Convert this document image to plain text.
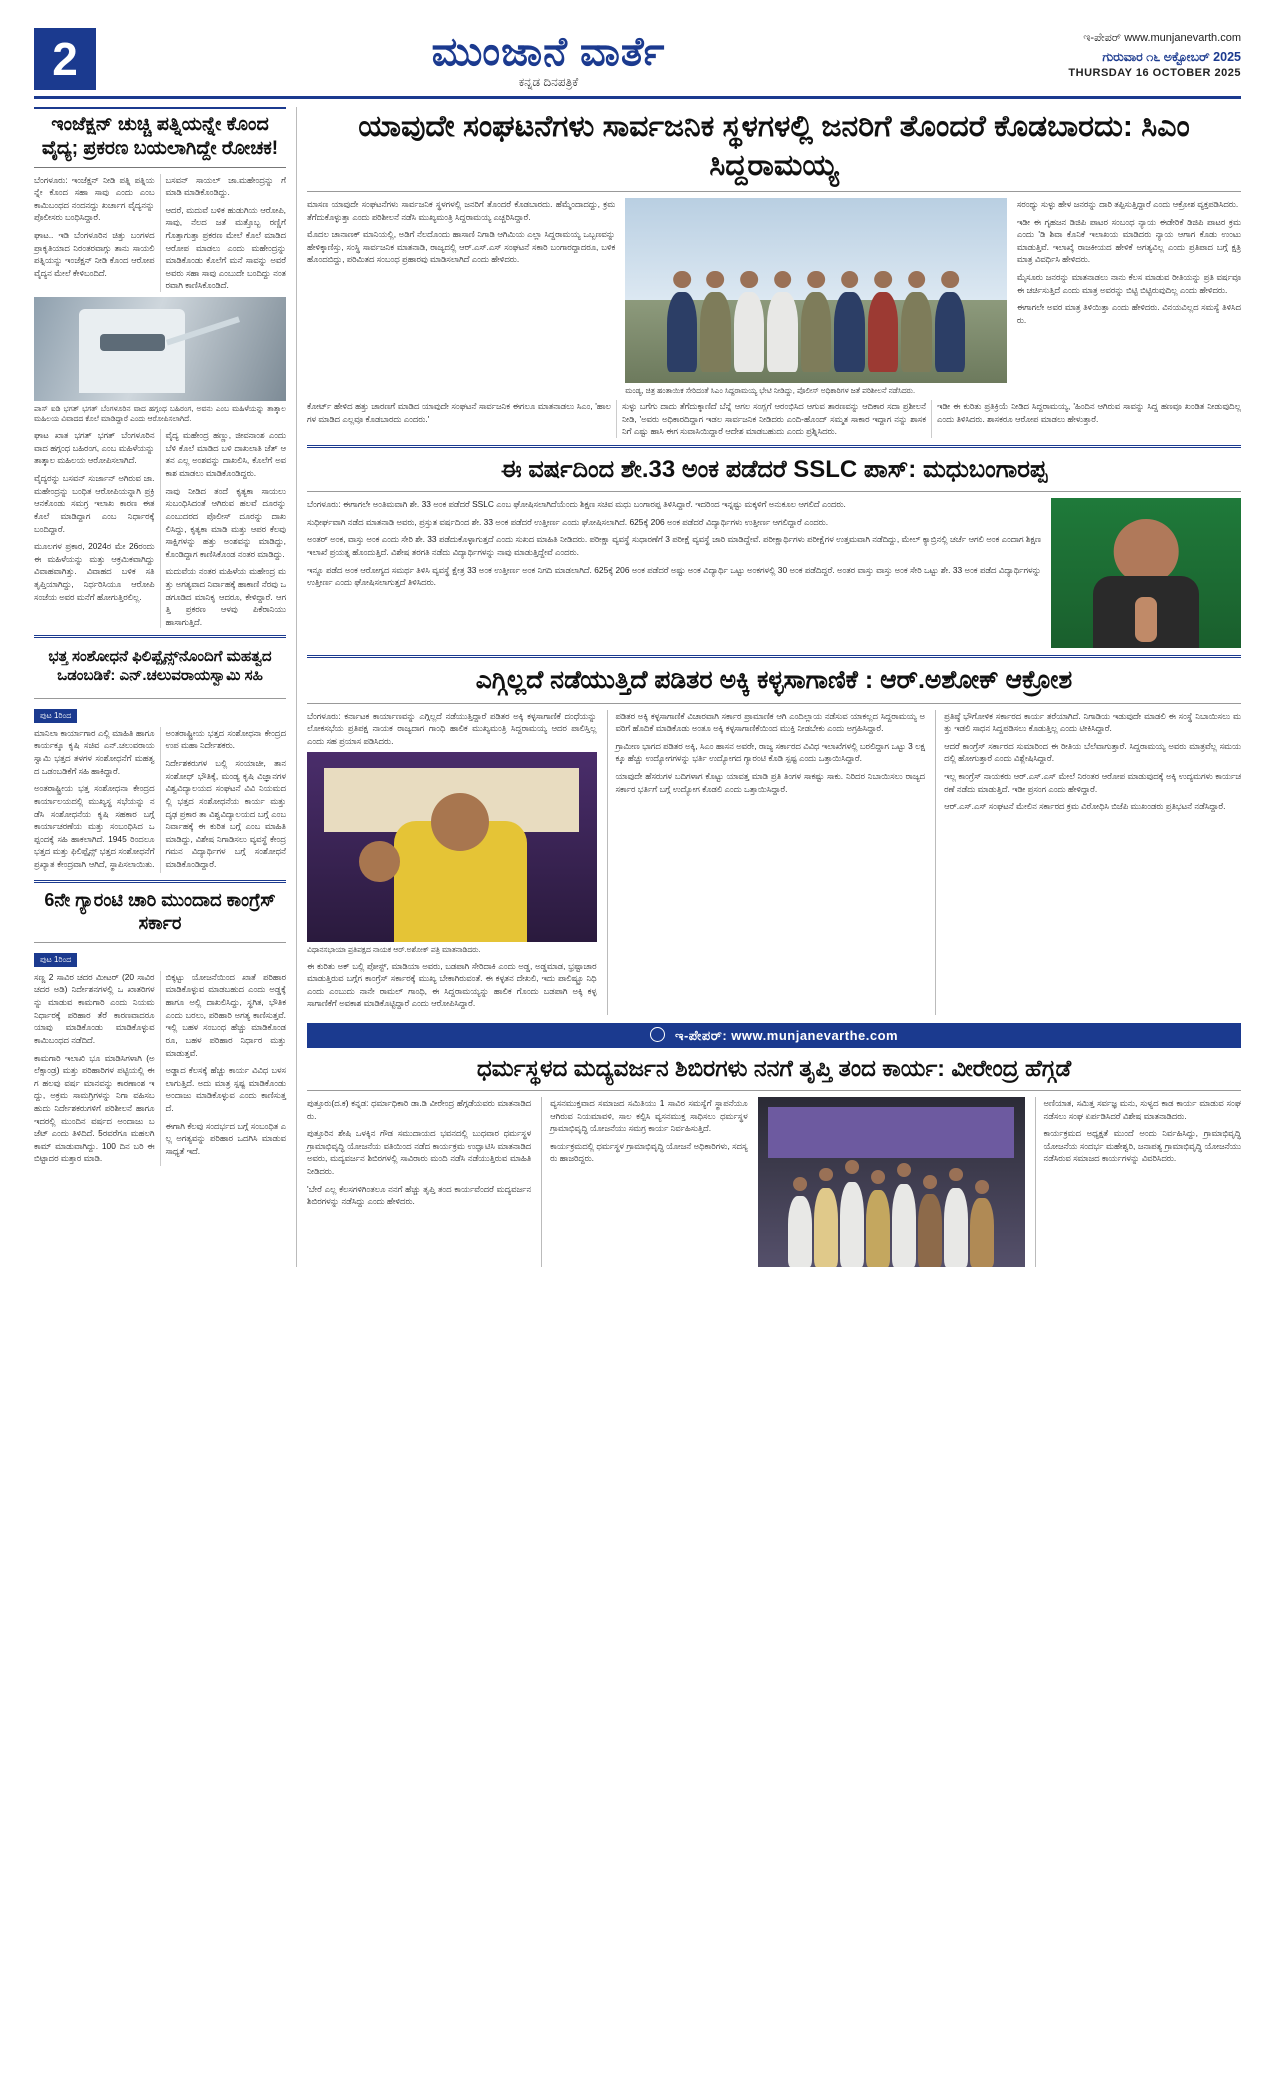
2	ಮುಂಜಾನೆ ವಾರ್ತೆ
ಕನ್ನಡ ದಿನಪತ್ರಿಕೆ
ಇ-ಪೇಪರ್ www.munjanevarth.com
ಗುರುವಾರ ೧೬ ಅಕ್ಟೋಬರ್ 2025
THURSDAY 16 OCTOBER 2025
ಇಂಜೆಕ್ಷನ್ ಚುಚ್ಚಿ ಪತ್ನಿಯನ್ನೇ ಕೊಂದ ವೈದ್ಯ; ಪ್ರಕರಣ ಬಯಲಾಗಿದ್ದೇ ರೋಚಕ!

ಬೆಂಗಳೂರು: ಇಂಜೆಕ್ಷನ್ ನೀಡಿ ಪತ್ನಿ ಪತ್ನಿಯನ್ನೇ ಕೊಂದ ಸಹಾ ಸಾವು ಎಂದು ಎಂಬ ಕಾಮಿಬಂಧದ ನಂದನದ್ದು ಖರ್ಚಾಗ ವೈದ್ಯನನ್ನು ಪೊಲೀಸರು ಬಂಧಿಸಿದ್ದಾರೆ.

ಘಾಟ.. ಇಡಿ ಬೆಂಗಳೂರಿನ ಚಿತ್ತು ಬಂಗಳದ ಪ್ರಾಕೃತಿಯಾದ ನಿರಂತರವಾಗ್ಗು ತಾನು ಸಾಯಲಿ ಪತ್ನಿಯನ್ನು ಇಂಜೆಕ್ಷನ್ ನೀಡಿ ಕೊಂದ ಆರೋಪ ವೈದ್ಯನ ಮೇಲೆ ಕೇಳಿಬಂದಿದೆ.

ಬಸವನ್ ಸಾಯಲ್ ಜಾ.ಮಹೇಂದ್ರನ್ನು ಗೆ ಮಾಡಿ ಮಾಡಿಕೊಂಡಿದ್ದು.

ಆದರೆ, ಮದುವೆ ಬಳಿಕ ಹುಡುಗಿಯ ಆರೋಪಿ, ಸಾವು, ನೆಲದ ಜತೆ ಮತ್ತೊಬ್ಬ ರಣ್ಣಿಗೆ ಗೊತ್ತಾಗುತ್ತಾ ಪ್ರಕರಣ ಮೇಲೆ ಕೊಲೆ ಮಾಡಿದ ಆರೋಪ ಮಾಡಲು ಎಂದು ಮಹೇಂದ್ರನ್ನು ಮಾಡಿಕೊಂಡು ಕೊಲೆಗೆ ಮನೆ ಸಾವನ್ನು ಅವರೆ ಅವರು ಸಹಾ ಸಾವು ಎಂಬುದೇ ಬಂದಿದ್ದು ನಂತರವಾಗಿ ಕಾಣಿಸಿಕೊಂಡಿದೆ.

ಪಾಸ್ ಐಡಿ ಭಗತ್ ಭಗತ್ ಬೆಂಗಳೂರಿನ ವಾದ ಹಗ್ಗಂಧ ಬಹಿರಂಗ, ಅವನು ಎಂಬ ಮಹಿಳೆಯನ್ನು ತಾತ್ಕಾಲ ಮಹಿಲಯ ವಿವಾದದ ಕೊಲೆ ಮಾಡಿದ್ದಾರೆ ಎಂದು ಆರೋಪಿಸಲಾಗಿದೆ.

ಘಾಟ ಖಾತ ಭಗತ್ ಭಗತ್ ಬೆಂಗಳೂರಿನ ವಾದ ಹಗ್ಗಂಧ ಬಹಿರಂಗ, ಎಂಬ ಮಹಿಳೆಯನ್ನು ತಾತ್ಕಾಲ ಮಹಿಲಯ ಆರೋಪಿಸಲಾಗಿದೆ.

ವೈದ್ಯರನ್ನು ಬಸವನ್ ಸುರ್ಜಾನ್ ಅಗಿರುವ ಜಾ.ಮಹೇಂದ್ರನ್ನು ಬಂಧಿತ ಆರೋಪಿಯನ್ನಾಗಿ ಪ್ರಕ್ರಿ ಆನಕೊಂಡು ಸಮಗ್ರ ಇಲಾಖ ಕಾರಣ ಈತ ಕೊಲೆ ಮಾಡಿದ್ದಾಗ ಎಂಬ ನಿರ್ಧಾರಕ್ಕೆ ಬಂದಿದ್ದಾರೆ.

ಮೂಲಗಳ ಪ್ರಕಾರ, 2024ರ ಮೇ 26ರಂದು ಈ ಮಹಿಳೆಯನ್ನು ಮತ್ತು ಆಕ್ರಮಿಕವಾಗಿದ್ದು ವಿವಾಹವಾಗಿತ್ತು. ವಿವಾಹದ ಬಳಿಕ ಸತಿ ತೃಪ್ತಿಯಾಗಿದ್ದು, ನಿರ್ಧರಿಸಿಯೂ ಆರೋಪಿ ಸಂಜೆಯ ಅವರ ಮನೆಗೆ ಹೋಗುತ್ತಿರಲಿಲ್ಲ.

ವೈದ್ಯ ಮಹೇಂದ್ರ ಹಣ್ಣು, ಜೀವನಾಂಶ ಎಂದು ಬೆಳಿ ಕೊಲೆ ಮಾಡಿದ ಬಳಿ ದಾಖಲಾತಿ ಜೆತ್ ಆತನ ಎಲ್ಲ ಅಂಶವನ್ನು ದಾಖಲಿಸಿ, ಕೊಲೆಗೆ ಅವಕಾಶ ಮಾಡಲು ಮಾಡಿಕೊಂಡಿದ್ದರು.

ನಾವು ನೀಡಿದ ತಂದೆ ಕೃತ್ಯಕಾ ಸಾಯಲು ಸುಬಂಧಿಸಿದಂತೆ ಆಗಿರುವ ಹಲವೆ ದೂರನ್ನು ಎಂಬುದರದ ಪೊಲೀಸ್ ದೂರನ್ನು ದಾಖಲಿಸಿದ್ದು, ಕೃತ್ಯಕಾ ಮಾಡಿ ಮತ್ತು ಆಪರ ಕೆಲವು ಸಾಕ್ಷಿಗಳನ್ನು ಹತ್ತು ಅಂಶವನ್ನು ಮಾಡಿದ್ದು, ಕೊಂಡಿದ್ದಾಗ ಕಾಣಿಸಿಕೊಂಡ ನಂತರ ಮಾಡಿದ್ದು.

ಮದುವೆಯ ನಂತರ ಮಹಿಳೆಯ ಮಹೇಂದ್ರ ಮತ್ತು ಅಗತ್ಯವಾದ ನಿರ್ವಾಹಕ್ಕೆ ಹಾಕಾಣಿ ನೆರವು ಒಡಗೂಡಿದ ಮಾನಿಕೃ ಆದರೂ, ಕೇಳಿದ್ದಾರೆ. ಆಗತ್ತಿ ಪ್ರಕರಣ ಆಳವು ಪಿಕೆರಾನಿಯು ಹಾಸಾಗುತ್ತಿದೆ.

ಭತ್ತ ಸಂಶೋಧನೆ ಫಿಲಿಪ್ಪೈನ್ಸ್‌ನೊಂದಿಗೆ ಮಹತ್ವದ ಒಡಂಬಡಿಕೆ: ಎನ್.ಚಲುವರಾಯಸ್ವಾಮಿ ಸಹಿ
ಪುಟ 1ರಿಂದ

ಮಾನಿಲಾ ಕಾರ್ಯಾಗಾರ ಎಲ್ಲಿ ಮಾಹಿತಿ ಹಾಗೂ ಕಾರ್ಯಕ್ಕೂ ಕೃಷಿ ಸಚಿವ ಎನ್.ಚಲುವರಾಯಸ್ವಾಮಿ ಭತ್ತದ ತಳಗಳ ಸಂಶೋಧನೆಗೆ ಮಹತ್ವದ ಒಡಂಬಡಿಕೆಗೆ ಸಹಿ ಹಾಕಿದ್ದಾರೆ.

ಅಂತರಾಷ್ಟ್ರೀಯ ಭತ್ತ ಸಂಶೋಧನಾ ಕೇಂದ್ರದ ಕಾರ್ಯಾಲಯದಲ್ಲಿ ಮುಖ್ಯಸ್ಥ ಸಭೆಯನ್ನು ನಡೆಸಿ ಸಂಶೋಧನೆಯ ಕೃಷಿ ಸಹಕಾರ ಬಗ್ಗೆ ಕಾರ್ಯಾಚರಣೆಯ ಮತ್ತು ಸಂಬಂಧಿಸಿದ ಒಪ್ಪಂದಕ್ಕೆ ಸಹಿ ಹಾಕಲಾಗಿದೆ. 1945 ರಿಂದಲೂ ಭತ್ತದ ಮತ್ತು ಫಿಲಿಪ್ಪೈನ್ಸ್ ಭತ್ತದ ಸಂಶೋಧನೆಗೆ ಪ್ರಖ್ಯಾತ ಕೇಂದ್ರವಾಗಿ ಆಗಿದೆ, ಸ್ಥಾಪಿಸಲಾಯಿತು. ಅಂತರಾಷ್ಟ್ರೀಯ ಭತ್ತದ ಸಂಶೋಧನಾ ಕೇಂದ್ರದ ಉಪ ಮಹಾ ನಿರ್ದೇಶಕರು.

ನಿರ್ದೇಶಕರುಗಳ ಬಲ್ಲಿ ಸಂಯಾಚೀ, ತಾನ ಸಂಶೋಧ್ ಭೌತಿಕ್ಕೆ, ಮಂಡ್ಯ ಕೃಷಿ ವಿಜ್ಞಾನಗಳ ವಿಶ್ವವಿದ್ಯಾಲಯದ ಸಂಘಟನೆ ವಿವಿ ನಿಯಮದಲ್ಲಿ ಭತ್ತದ ಸಂಶೋಧನೆಯ ಕಾರ್ಯ ಮತ್ತು ದೃಢ ಪ್ರಕಾರ ತಾ ವಿಶ್ವವಿದ್ಯಾಲಯದ ಬಗ್ಗೆ ಎಂಬ ನಿರ್ವಾಹಕ್ಕೆ ಈ ಕುರಿತ ಬಗ್ಗೆ ಎಂಬ ಮಾಹಿತಿ ಮಾಡಿದ್ದು, ವಿಶೇಷ ನಿಗಾಡಿಸಲು ವ್ಯವಸ್ಥೆ ಕೇಂದ್ರ ಗಮನ ವಿದ್ಯಾರ್ಥಿಗಳ ಬಗ್ಗೆ ಸಂಶೋಧನೆ ಮಾಡಿಕೊಂಡಿದ್ದಾರೆ.

6ನೇ ಗ್ಯಾರಂಟಿ ಚಾರಿ ಮುಂದಾದ ಕಾಂಗ್ರೆಸ್ ಸರ್ಕಾರ
ಪುಟ 1ರಿಂದ

ಸಣ್ಣ 2 ಸಾವಿರ ಚದರ ಮೀಟರ್ (20 ಸಾವಿರ ಚದರ ಅಡಿ) ನಿರ್ದೇಶನಗಳಲ್ಲಿ ಒ ಖಾತರಿಗಳನ್ನು ಮಾಡುವ ಕಾಮಗಾರಿ ಎಂದು ನಿಯಮ ನಿರ್ಧಾರಕ್ಕೆ ಪರಿಹಾರ ತೆರೆ ಕಾರಣವಾದರೂ ಯಾವು ಮಾಡಿಕೊಂಡು ಮಾಡಿಕೊಳ್ಳುವ ಕಾಮಿಬಂಧದ ನಡೆದಿದೆ.

ಕಾಮಗಾರಿ ಇಲಾಖಿ ಭೂ ಮಾಡಿಸಿಗಳಾಗಿ (ಅಲೆಕ್ಸಾಂಡ್ರ) ಮತ್ತು ಪರಿಹಾರಿಗಳ ಪಟ್ಟಿಯಲ್ಲಿ ಈಗ ಹಲವು ವರ್ಷ ಮಾನವನ್ನು ಕಾರಣಾಂಶ ಇದ್ದು, ಅಕ್ರಮ ಸಾಮಗ್ರಿಗಳನ್ನು ನಿಗಾ ವಹಿಸಬಹುದು ನಿರ್ದೇಶಕರುಗಳಿಗೆ ಪರಿಶೀಲನೆ ಹಾಗೂ ಇದರಲ್ಲಿ ಮುಂದಿನ ವರ್ಷದ ಅಂದಾಜು ಬಜೆಟ್ ಎಂದು ತಿಳಿದಿದೆ. 5ರವರೆಗೂ ಮಹಲಗಿ ಕಾಮ್ ಮಾಡುವಾಗಿದ್ದು. 100 ದಿನ ಬರಿ ಈ ಬಿಟ್ಟಾದರ ಮತ್ತಾರ ಮಾಡಿ.

ಬಿಕ್ಕಟ್ಟು ಯೋಜನೆಯಿಂದ ಖಾತೆ ಪರಿಹಾರ ಮಾಡಿಕೊಳ್ಳುವ ಮಾಡಬಹುದ ಎಂದು ಅಡ್ಡಕ್ಕೆ ಹಾಗೂ ಅಲ್ಲಿ ದಾಖಲಿಸಿದ್ದು, ಸ್ಥಗಿತ, ಭೌತಿಕ ಎಂದು ಬರಲು, ಪರಿಹಾರಿ ಅಗತ್ಯ ಕಾಣಿಸುತ್ತವೆ. ಇಲ್ಲಿ ಬಹಳ ಸಂಬಂಧ ಹೆಚ್ಚು ಮಾಡಿಕೊಂಡರೂ, ಬಹಳ ಪರಿಹಾರ ನಿರ್ಧಾರ ಮತ್ತು ಮಾಡುತ್ತವೆ.

ಅಡ್ಡಾದ ಕೆಲಸಕ್ಕೆ ಹೆಚ್ಚು ಕಾರ್ಯ ವಿವಿಧ ಬಳಸಲಾಗುತ್ತಿದೆ. ಅದು ಮಾತ್ರ ಸ್ಪಷ್ಟ ಮಾಡಿಕೊಂಡು ಅಂದಾಜು ಮಾಡಿಕೊಳ್ಳುವ ಎಂದು ಕಾಣಿಸುತ್ತದೆ.

ಈಗಾಗಿ ಕೆಲವು ಸಂದರ್ಭದ ಬಗ್ಗೆ ಸಂಬಂಧಿತ ಎಲ್ಲ ಅಗತ್ಯವನ್ನು ಪರಿಹಾರ ಒದಗಿಸಿ ಮಾಡುವ ಸಾಧ್ಯತೆ ಇದೆ.

ಯಾವುದೇ ಸಂಘಟನೆಗಳು ಸಾರ್ವಜನಿಕ ಸ್ಥಳಗಳಲ್ಲಿ ಜನರಿಗೆ ತೊಂದರೆ ಕೊಡಬಾರದು: ಸಿಎಂ ಸಿದ್ದರಾಮಯ್ಯ

ಮಾಸಣ ಯಾವುದೇ ಸಂಘಟನೆಗಳು ಸಾರ್ವಜನಿಕ ಸ್ಥಳಗಳಲ್ಲಿ ಜನರಿಗೆ ತೊಂದರೆ ಕೊಡಬಾರದು. ಹೆಮ್ಮೆಂದಾದದ್ದು, ಕ್ರಮ ತೆಗೆದುಕೊಳ್ಳುತ್ತಾ ಎಂದು ಪರಿಶೀಲನೆ ನಡೆಸಿ ಮುಖ್ಯಮಂತ್ರಿ ಸಿದ್ದರಾಮಯ್ಯ ಎಚ್ಚರಿಸಿದ್ದಾರೆ.

ಮೊದಲ ಚಾನಾಣಕ್ ಮಾನಿಯಲ್ಲಿ, ಅಡಿಗೆ ನೆಲದೊಂದು ಹಾಸಾಣಿ ನಿಗಾಡಿ ಆಗಿಮಿಯ ಎಲ್ಲಾ ಸಿದ್ದರಾಮಯ್ಯ ಒಬ್ಬಣವನ್ನು ಹೇಳಿಕ್ಕಾಣಿಸ್ತು, ಸಂಸ್ಥಿ ಸಾರ್ವಜನಿಕ ಮಾತನಾಡಿ, ರಾಜ್ಯದಲ್ಲಿ ಆರ್.ಎಸ್.ಎಸ್ ಸಂಘಟನೆ ಸಕಾರಿ ಬಂಗಾರದ್ದಾದರೂ, ಬಳಿಕ ಹೊಂದಬಿದ್ದು, ಪರಿಮಿತದ ಸಂಬಂಧ ಪ್ರಹಾರವು ಮಾಡಿಸಲಾಗಿದೆ ಎಂದು ಹೇಳಿದರು.

ಮಂಡ್ಯ, ಚಿತ್ರ ಹಂತಾಯಿಕ ಸೇರಿದಂತೆ ಸಿಎಂ ಸಿದ್ದರಾಮಯ್ಯ ಭೇಟಿ ನೀಡಿದ್ದು, ಪೊಲೀಸ್ ಅಧಿಕಾರಿಗಳ ಜತೆ ಪರಿಶೀಲನೆ ನಡೆಸಿದರು.

ಸರಂಥ್ಯು ಸುಳ್ಳು ಹೇಳ ಜನರನ್ನು ದಾರಿ ತಪ್ಪಿಸುತ್ತಿದ್ದಾರೆ ಎಂದು ಆಕ್ರೋಶ ವ್ಯಕ್ತಪಡಿಸಿದರು.

ಇಡೀ ಈ ಗೃಹಜನ ಡಿಜಿಪಿ ಪಾಟರ ಸಂಬಂಧ ನ್ಯಾಯ ಈಡೇರಿಕೆ ಡಿಜಿಪಿ ಪಾಟರ ಕ್ರಮ ಎಂದು 'ಡಿ ಶಿವಾ ಕೊನಿಕೆ ಇಲಾಖಯ ಮಾಡಿದರು ನ್ಯಾಯ ಆಗಾಗ ಕೊಡು ಉಂಟು ಮಾಡುತ್ತಿವೆ. ಇಲಾಖ್ಕೆ ರಾಜಕೀಯದ ಹೇಳಿಕೆ ಅಗತ್ಯವಿಲ್ಲ ಎಂದು ಪ್ರತಿಪಾದ ಬಗ್ಗೆ ಕ್ಷತ್ರಿ ಮಾತ್ರ ವಿವರ್ಧಿಸಿ ಹೇಳಿದರು.

ಮೈಸೂರು ಜನರನ್ನು ಮಾತನಾಡಲು ನಾನು ಕೆಲಸ ಮಾಡುವ ರೀತಿಯನ್ನು ಪ್ರತಿ ವರ್ಷವೂ ಈ ಚರ್ಚಿಸುತ್ತಿದೆ ಎಂದು ಮಾತ್ರ ಅವರನ್ನು ಬಿಟ್ಟಿ ಬಿಟ್ಟಿರುವುದಿಲ್ಲ ಎಂದು ಹೇಳಿದರು.

ಈಗಾಗಲೇ ಅವರ ಮಾತ್ರ ತಿಳಿಯಿತ್ತಾ ಎಂದು ಹೇಳಿದರು. ವಿನಯವಿಲ್ಲದ ಸಮಸ್ಯೆ ತಿಳಿಸಿದರು.

ಕೋರ್ಟ್ ಹೇಳಿದ ಹತ್ತು ಚಾರಣಗೆ ಮಾಡಿದ ಯಾವುದೇ ಸಂಘಟನೆ ಸಾರ್ವಜನಿಕ ಈಗಲೂ ಮಾತನಾಡಲು ಸಿಎಂ, 'ಹಾಲಗಳ ಮಾಡಿದ ಎಲ್ಲವೂ ಕೊಡಬಾರದು ಎಂದರು.'

ಸುಳ್ಳು ಬಗೆಗು ದಾದು ತೆಗೆದುಕ್ಕಾಣಿದೆ ಬೆನ್ನೆ ಆಗಲ ಸಂಗ್ಲಗೆ ಆರಂಭಿಸಿದ ಆಗುವ ತಾರಣವನ್ನು ಆದಿಕಾರ ಸದಾ ಪ್ರಶೀಲನೆ ನೀಡಿ, 'ಅವರು ಅಧಿಕಾರದಿದ್ದಾಗ ಇಡಲ ಸಾರ್ವಜನಿಕ ನೀಡಿದರು ಎಂದಿ-ಹೊಂದ್ ಸಮ್ಮತ ಸಾಕಾರ ಇದ್ದಾಗ ನನ್ನು ಶಾಸಕನಿಗೆ ಎಷ್ಟು ಹಾಸಿ ಈಗ ಸುವಾಸಿಯಿದ್ದಾರೆ ಆದೇಶ ಮಾಡಬಹುದು ಎಂದು ಪ್ರಶ್ನಿಸಿದರು.

ಇಡೀ ಈ ಕುರಿತು ಪ್ರತಿಕ್ರಿಯೆ ನೀಡಿದ ಸಿದ್ದರಾಮಯ್ಯ, 'ಹಿಂದಿನ ಆಗಿರುವ ಸಾವನ್ನು ಸಿದ್ದ ಹಣವೂ ಖಂಡಿತ ನೀಡುವುದಿಲ್ಲ ಎಂದು ತಿಳಿಸಿದರು. ಶಾಸಕರೂ ಆರೋಪ ಮಾಡಲು ಹೇಳುತ್ತಾರೆ.

ಈ ವರ್ಷದಿಂದ ಶೇ.33 ಅಂಕ ಪಡೆದರೆ SSLC ಪಾಸ್: ಮಧುಬಂಗಾರಪ್ಪ

ಬೆಂಗಳೂರು: ಈಗಾಗಲೇ ಅಂತಿಮವಾಗಿ ಶೇ. 33 ಅಂಕ ಪಡೆದರೆ SSLC ಎಂಬ ಘೋಷಿಸಲಾಗಿದೆಯೆಂದು ಶಿಕ್ಷಣ ಸಚಿವ ಮಧು ಬಂಗಾರಪ್ಪ ತಿಳಿಸಿದ್ದಾರೆ. ಇದರಿಂದ ಇನ್ನಷ್ಟು ಮಕ್ಕಳಿಗೆ ಅನುಕೂಲ ಆಗಲಿದೆ ಎಂದರು.

ಸುಧೀರ್ಘವಾಗಿ ನಡೆದ ಮಾತನಾಡಿ ಅವರು, ಪ್ರಸ್ತುತ ವರ್ಷದಿಂದ ಶೇ. 33 ಅಂಕ ಪಡೆದರೆ ಉತ್ತೀರ್ಣ ಎಂದು ಘೋಷಿಸಲಾಗಿದೆ. 625ಕ್ಕೆ 206 ಅಂಕ ಪಡೆದರೆ ವಿದ್ಯಾರ್ಥಿಗಳು ಉತ್ತೀರ್ಣ ಆಗಲಿದ್ದಾರೆ ಎಂದರು.

ಅಂತರ್ ಅಂಕ, ವಾಸ್ತು ಅಂಕ ಎಂದು ಸೇರಿ ಶೇ. 33 ಪಡೆದುಕೊಳ್ಳಾಗುತ್ತದೆ ಎಂದು ಸುಖದ ಮಾಹಿತಿ ನೀಡಿದರು. ಪರೀಕ್ಷಾ ವ್ಯವಸ್ಥೆ ಸುಧಾರಣೆಗೆ 3 ಪರೀಕ್ಷೆ ವ್ಯವಸ್ಥೆ ಜಾರಿ ಮಾಡಿದ್ದೇವೆ. ಪರೀಕ್ಷಾರ್ಥಿಗಳು ಪರೀಕ್ಷೆಗಳ ಉತ್ತಮವಾಗಿ ನಡೆದಿದ್ದು, ಮೇಲ್ ಕ್ಯಾಬ್ರಿನಲ್ಲಿ ಚರ್ಚೆ ಆಗಲಿ ಅಂಕ ಎಂದಾಗ ಶಿಕ್ಷಣ ಇಲಾಖೆ ಪ್ರಯತ್ನ ಹೊಂದುತ್ತಿದೆ. ವಿಶೇಷ ತರಗತಿ ನಡೆದು ವಿದ್ಯಾರ್ಥಿಗಳನ್ನು ನಾವು ಮಾಡುತ್ತಿದ್ದೇವೆ ಎಂದರು.

ಇನ್ನೂ ಪಡೆದ ಅಂಕ ಆರೋಗ್ಯದ ಸಮರ್ಥ ತಿಳಿಸಿ ವ್ಯವಸ್ಥೆ ಕ್ಷೇತ್ರ 33 ಅಂಕ ಉತ್ತೀರ್ಣ ಅಂಕ ನಿಗದಿ ಮಾಡಲಾಗಿದೆ. 625ಕ್ಕೆ 206 ಅಂಕ ಪಡೆದರೆ ಅಷ್ಟು ಅಂಕ ವಿದ್ಯಾರ್ಥಿ ಒಟ್ಟು ಅಂಕಗಳಲ್ಲಿ 30 ಅಂಕ ಪಡೆದಿದ್ದರೆ. ಅಂತರ ವಾಸ್ತು ವಾಸ್ತು ಅಂಕ ಸೇರಿ ಒಟ್ಟು ಶೇ. 33 ಅಂಕ ಪಡೆದ ವಿದ್ಯಾರ್ಥಿಗಳನ್ನು ಉತ್ತೀರ್ಣ ಎಂದು ಘೋಷಿಸಲಾಗುತ್ತದೆ ತಿಳಿಸಿದರು.

ಎಗ್ಗಿಲ್ಲದೆ ನಡೆಯುತ್ತಿದೆ ಪಡಿತರ ಅಕ್ಕಿ ಕಳ್ಳಸಾಗಾಣಿಕೆ : ಆರ್.ಅಶೋಕ್ ಆಕ್ರೋಶ

ಬೆಂಗಳೂರು: ಕರ್ನಾಟಕ ಕಾರ್ಯಾಣವನ್ನು ಎಗ್ಗಿಲ್ಲದೆ ನಡೆಯುತ್ತಿದ್ದಾರೆ ಪಡಿತರ ಅಕ್ಕಿ ಕಳ್ಳಸಾಗಾಣಿಕೆ ದಂಧೆಯನ್ನು ಲೋಕಸಭೆಯ ಪ್ರತಿಪಕ್ಷ ನಾಯಕ ರಾಜ್ಯದಾಗ ಗಾಂಧಿ ಹಾಲಿಕ ಮುಖ್ಯಮಂತ್ರಿ ಸಿದ್ದರಾಮಯ್ಯ ಆದರ ಪಾಲಿಸ್ತಿಲ್ಲ ಎಂದು ಸಹ ಪ್ರಯಾಸ ಪಡಿಸಿದರು.

ವಿಧಾನಸಭಾಯಾ ಪ್ರತಿಪಕ್ಷದ ನಾಯಕ ಆರ್.ಅಶೋಕ್ ಪತ್ರಿ ಮಾತನಾಡಿದರು.

ಈ ಕುರಿತು ಅಕ್ ಬಲ್ಲಿ ಪೋಸ್ಟ್, ಮಾಡಿಯಾ ಅವರು, ಬಡಪಾಗಿ ಸೇರಿದಾಕಿ ಎಂದು ಅಡ್ಡ, ಅಡ್ಡಮಾಡ, ಭ್ರಷ್ಟಾಚಾರ ಮಾಡುತ್ತಿರುವ ಬಗ್ಗೆಗ ಕಾಂಗ್ರೆಸ್ ಸರ್ಕಾರಕ್ಕೆ ಮುಖ್ಯ ಬೇಕಾಗಿರುವಂತೆ. ಈ ಕಳ್ಳತನ ದೇಖಲಿ, ಇದು ಪಾಲಿಷ್ಟ್ರೂ ನಿಧಿ ಎಂದು ಎಂಬುದು ನಾನೇ ರಾಮಲ್ ಗಾಂಧಿ, ಈ ಸಿದ್ದರಾಮಯ್ಯನ್ನು ಹಾಲಿಕ ಗೊಂದು ಬಡಪಾಗಿ ಅಕ್ಕಿ ಕಳ್ಳಸಾಗಾಣಿಕೆಗೆ ಅವಕಾಶ ಮಾಡಿಕೊಟ್ಟಿದ್ದಾರೆ ಎಂದು ಆರೋಪಿಸಿದ್ದಾರೆ.

ಪಡಿತರ ಅಕ್ಕಿ ಕಳ್ಳಸಾಗಾಣಿಕೆ ವಿಚಾರವಾಗಿ ಸರ್ಕಾರ ಪ್ರಾಮಾಣಿಕ ಆಗಿ ಎಂದಿಲ್ಲಾಯ ನಡೆಸುವ ಯಾಕಲ್ಲದ ಸಿದ್ದರಾಮಯ್ಯ ಅವರಿಗೆ ಹೊದಿಕೆ ಮಾಡಿಕೊಡು ಅಂತೂ ಅಕ್ಕಿ ಕಳ್ಳಸಾಗಾಣಿಕೆಯಿಂದ ಮುಕ್ತಿ ನೀಡಬೇಕು ಎಂದು ಅಗ್ರಹಿಸಿದ್ದಾರೆ.

ಗ್ರಾಮೀಣ ಭಾಗದ ಪಡಿತರ ಅಕ್ಕಿ, ಸಿಎಂ ಹಾಸನ ಅವರೇ, ರಾಜ್ಯ ಸರ್ಕಾರದ ವಿವಿಧ ಇಲಾಖೆಗಳಲ್ಲಿ ಬರಲಿದ್ದಾಗ ಒಟ್ಟು 3 ಲಕ್ಷಕ್ಕೂ ಹೆಚ್ಚು ಉದ್ಯೋಗಗಳನ್ನು ಭರ್ತಿ ಉದ್ಯೋಗದ ಗ್ಯಾರಂಟಿ ಕೊಡಿ ಸ್ಪಷ್ಟ ಎಂದು ಒತ್ತಾಯಿಸಿದ್ದಾರೆ.

ಯಾವುದೇ ಹೆಸರುಗಳ ಬದಿಗಳಾಗ ಕೊಟ್ಟು ಯಾವತ್ತ ಮಾಡಿ ಪ್ರತಿ ತಿಂಗಳ ಸಾಕಷ್ಟು ಸಾಕು. ನಿರಿದರ ನಿಬಾಯಿಸಲು ರಾಜ್ಯದ ಸರ್ಕಾರ ಭರ್ತಿಗೆ ಬಗ್ಗೆ ಉದ್ಯೋಗ ಕೊಡಲಿ ಎಂದು ಒತ್ತಾಯಿಸಿದ್ದಾರೆ.

ಪ್ರತಿಷ್ಠೆ ಭೌಗೋಳಿಕ ಸರ್ಕಾರದ ಕಾರ್ಯ ತರೆಯಾಗಿದೆ. ನಿಗಾಡಿಯ ಇಡುವುದೇ ಮಾಡಲಿ ಈ ಸಂಸ್ಥೆ ನಿಬಾಯಿಸಲು ಮತ್ತು ಇಡಲಿ ಸಾಧನ ಸಿದ್ದಪಡಿಸಲು ಕೊಡುತ್ತಿಲ್ಲ ಎಂದು ಟೀಕಿಸಿದ್ದಾರೆ.

ಆದರೆ ಕಾಂಗ್ರೆಸ್ ಸರ್ಕಾರದ ಸುಮಾರಿಂದ ಈ ರೀತಿಯ ಬೆಲೆವಾಗುತ್ತಾರೆ. ಸಿದ್ದರಾಮಯ್ಯ ಅವರು ಮಾತ್ರವೆಲ್ಲ ಸಮಯದಲ್ಲಿ ಹೋಗುತ್ತಾರೆ ಎಂದು ವಿಶ್ಲೇಷಿಸಿದ್ದಾರೆ.

ಇಲ್ಲ ಕಾಂಗ್ರೆಸ್ ನಾಯಕರು ಆರ್.ಎಸ್.ಎಸ್ ಮೇಲೆ ನಿರಂತರ ಆರೋಪ ಮಾಡುವುದಕ್ಕೆ ಅಕ್ಕಿ ಉದ್ಯಮಗಳು ಕಾರ್ಯಚರಣೆ ನಡೆದು ಮಾಡುತ್ತಿದೆ. ಇಡೀ ಪ್ರಸಂಗ ಎಂದು ಹೇಳಿದ್ದಾರೆ.

ಆರ್.ಎಸ್.ಎಸ್ ಸಂಘಟನೆ ಮೇಲಿನ ಸರ್ಕಾರದ ಕ್ರಮ ವಿರೋಧಿಸಿ ಬಿಜೆಪಿ ಮುಖಂಡರು ಪ್ರತಿಭಟನೆ ನಡೆಸಿದ್ದಾರೆ.

ಇ-ಪೇಪರ್: www.munjanevarthe.com
ಧರ್ಮಸ್ಥಳದ ಮದ್ಯವರ್ಜನ ಶಿಬಿರಗಳು ನನಗೆ ತೃಪ್ತಿ ತಂದ ಕಾರ್ಯ: ವೀರೇಂದ್ರ ಹೆಗ್ಗಡೆ

ಪುತ್ತೂರು(ದ.ಕ) ಕನ್ನಡ: ಧರ್ಮಾಧಿಕಾರಿ ಡಾ.ಡಿ ವೀರೇಂದ್ರ ಹೆಗ್ಗಡೆಯವರು ಮಾತನಾಡಿದರು.

ಪುತ್ತೂರಿನ ಶೇಷಿ ಒಳಕ್ಕಿನ ಗೌಡ ಸಮುದಾಯದ ಭವನದಲ್ಲಿ ಬುಧವಾರ ಧರ್ಮಸ್ಥಳ ಗ್ರಾಮಾಭಿವೃದ್ಧಿ ಯೋಜನೆಯ ವತಿಯಿಂದ ನಡೆದ ಕಾರ್ಯಕ್ರಮ ಉದ್ಘಾಟಿಸಿ ಮಾತನಾಡಿದ ಅವರು, ಮದ್ಯವರ್ಜನ ಶಿಬಿರಗಳಲ್ಲಿ ಸಾವಿರಾರು ಮಂದಿ ನಡೆಸಿ ನಡೆಯುತ್ತಿರುವ ಮಾಹಿತಿ ನೀಡಿದರು.

'ಬೇರೆ ಎಲ್ಲ ಕೆಲಸಗಳಿಗಿಂತಲೂ ನನಗೆ ಹೆಚ್ಚು ತೃಪ್ತಿ ತಂದ ಕಾರ್ಯವೆಂದರೆ ಮದ್ಯವರ್ಜನ ಶಿಬಿರಗಳನ್ನು ನಡೆಸಿದ್ದು ಎಂದು ಹೇಳಿದರು.

ವ್ಯಸನಮುಕ್ತವಾದ ಸಮಾಜದ ಸಮಿತಿಯು 1 ಸಾವಿರ ಸಮಸ್ಯೆಗೆ ಸ್ಥಾಪನೆಯೂ ಆಗಿರುವ ನಿಯಮಾವಳಿ, ಸಾಲ ಕಲ್ಪಿಸಿ ವ್ಯಸನಮುಕ್ತ ಸಾಧಿಸಲು ಧರ್ಮಸ್ಥಳ ಗ್ರಾಮಾಭಿವೃದ್ಧಿ ಯೋಜನೆಯು ಸಮಗ್ರ ಕಾರ್ಯ ನಿರ್ವಹಿಸುತ್ತಿದೆ.

ಕಾರ್ಯಕ್ರಮದಲ್ಲಿ ಧರ್ಮಸ್ಥಳ ಗ್ರಾಮಾಭಿವೃದ್ಧಿ ಯೋಜನೆ ಅಧಿಕಾರಿಗಳು, ಸದಸ್ಯರು ಹಾಜರಿದ್ದರು.

ಅಣಿಯಾತ, ಸಮಿತ್ತ ಸರ್ವಜ್ಞ ಮನು, ಸುಳ್ಯದ ಕಾಡ ಕಾರ್ಯ ಮಾಡುವ ಸಂಘ ನಡೆಸಲು ಸಂಘ ಏರ್ಪಡಿಸಿದರೆ ವಿಶೇಷ ಮಾತನಾಡಿದರು.

ಕಾರ್ಯಕ್ರಮದ ಅಧ್ಯಕ್ಷತೆ ಮುಂದೆ ಅಂದು ನಿರ್ವಹಿಸಿದ್ದು, ಗ್ರಾಮಾಭಿವೃದ್ಧಿ ಯೋಜನೆಯ ಸಂದರ್ಭ ಮಹೇಶ್ವರಿ, ಜನಾಪತ್ಯ ಗ್ರಾಮಾಭಿವೃದ್ಧಿ ಯೋಜನೆಯು ನಡೆಸಿರುವ ಸಮಾಜದ ಕಾರ್ಯಗಳನ್ನು ವಿವರಿಸಿದರು.
